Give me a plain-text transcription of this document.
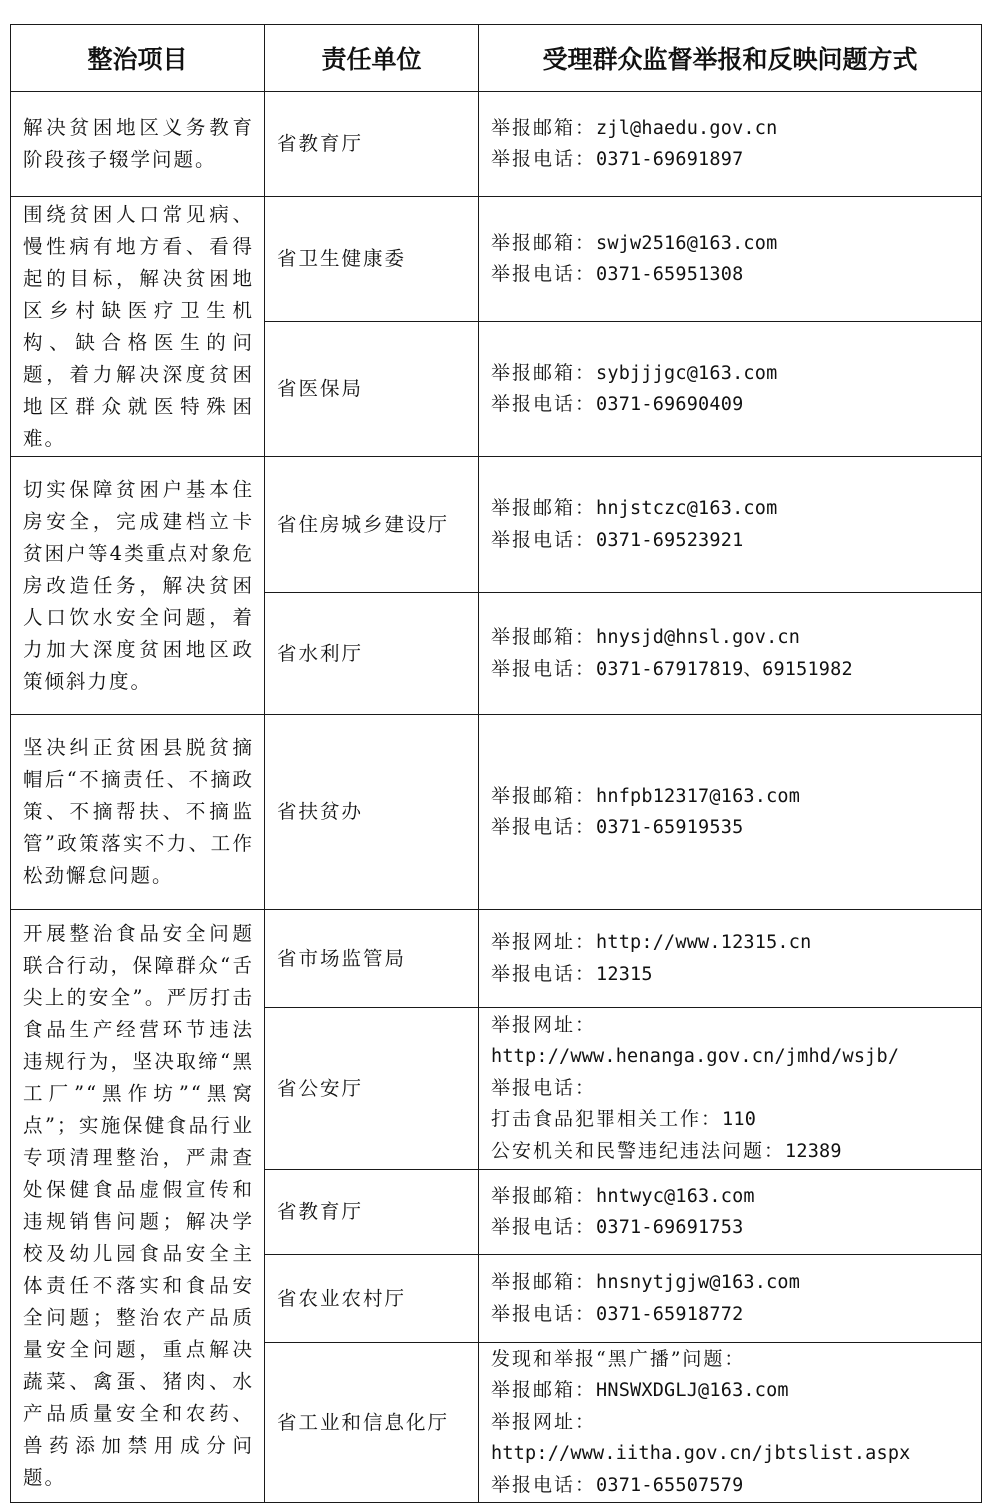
整治项目	责任单位	受理群众监督举报和反映问题方式
解决贫困地区义务教育阶段孩子辍学问题。	省教育厅	举报邮箱：zjl@haedu.gov.cn
举报电话：0371-69691897

围绕贫困人口常见病、慢性病有地方看、看得起的目标，解决贫困地区乡村缺医疗卫生机构、缺合格医生的问题，着力解决深度贫困地区群众就医特殊困难。	省卫生健康委	举报邮箱：swjw2516@163.com
举报电话：0371-65951308

	省医保局	举报邮箱：sybjjjgc@163.com
举报电话：0371-69690409

切实保障贫困户基本住房安全，完成建档立卡贫困户等4类重点对象危房改造任务，解决贫困人口饮水安全问题，着力加大深度贫困地区政策倾斜力度。	省住房城乡建设厅	举报邮箱：hnjstczc@163.com
举报电话：0371-69523921

	省水利厅	举报邮箱：hnysjd@hnsl.gov.cn
举报电话：0371-67917819、69151982

坚决纠正贫困县脱贫摘帽后“不摘责任、不摘政策、不摘帮扶、不摘监管”政策落实不力、工作松劲懈怠问题。	省扶贫办	举报邮箱：hnfpb12317@163.com
举报电话：0371-65919535

开展整治食品安全问题联合行动，保障群众“舌尖上的安全”。严厉打击食品生产经营环节违法违规行为，坚决取缔“黑工厂”“黑作坊”“黑窝点”；实施保健食品行业专项清理整治，严肃查处保健食品虚假宣传和违规销售问题；解决学校及幼儿园食品安全主体责任不落实和食品安全问题；整治农产品质量安全问题，重点解决蔬菜、禽蛋、猪肉、水产品质量安全和农药、兽药添加禁用成分问题。	省市场监管局	举报网址：http://www.12315.cn
举报电话：12315

	省公安厅	举报网址：
http://www.henanga.gov.cn/jmhd/wsjb/
举报电话：
打击食品犯罪相关工作：110
公安机关和民警违纪违法问题：12389

	省教育厅	举报邮箱：hntwyc@163.com
举报电话：0371-69691753

	省农业农村厅	举报邮箱：hnsnytjgjw@163.com
举报电话：0371-65918772

	省工业和信息化厅	发现和举报“黑广播”问题：
举报邮箱：HNSWXDGLJ@163.com
举报网址：
http://www.iitha.gov.cn/jbtslist.aspx
举报电话：0371-65507579
